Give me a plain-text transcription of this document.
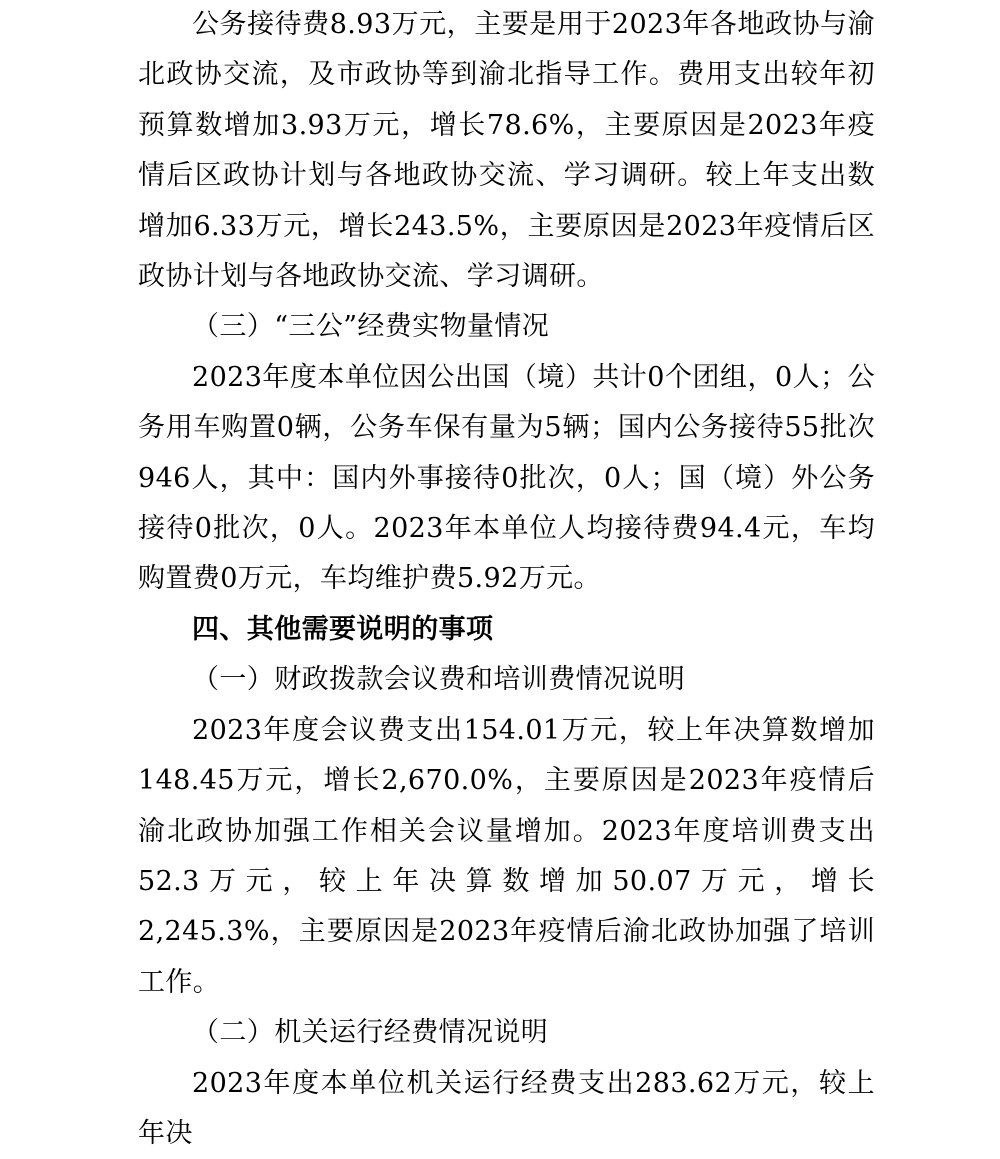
公务接待费8.93万元，主要是用于2023年各地政协与渝北政协交流，及市政协等到渝北指导工作。费用支出较年初预算数增加3.93万元，增长78.6%，主要原因是2023年疫情后区政协计划与各地政协交流、学习调研。较上年支出数增加6.33万元，增长243.5%，主要原因是2023年疫情后区政协计划与各地政协交流、学习调研。

（三）“三公”经费实物量情况

2023年度本单位因公出国（境）共计0个团组，0人；公务用车购置0辆，公务车保有量为5辆；国内公务接待55批次946人，其中：国内外事接待0批次，0人；国（境）外公务接待0批次，0人。2023年本单位人均接待费94.4元，车均购置费0万元，车均维护费5.92万元。

四、其他需要说明的事项

（一）财政拨款会议费和培训费情况说明

2023年度会议费支出154.01万元，较上年决算数增加148.45万元，增长2,670.0%，主要原因是2023年疫情后渝北政协加强工作相关会议量增加。2023年度培训费支出52.3万元，较上年决算数增加50.07万元，增长2,245.3%，主要原因是2023年疫情后渝北政协加强了培训工作。

（二）机关运行经费情况说明

2023年度本单位机关运行经费支出283.62万元，较上年决
